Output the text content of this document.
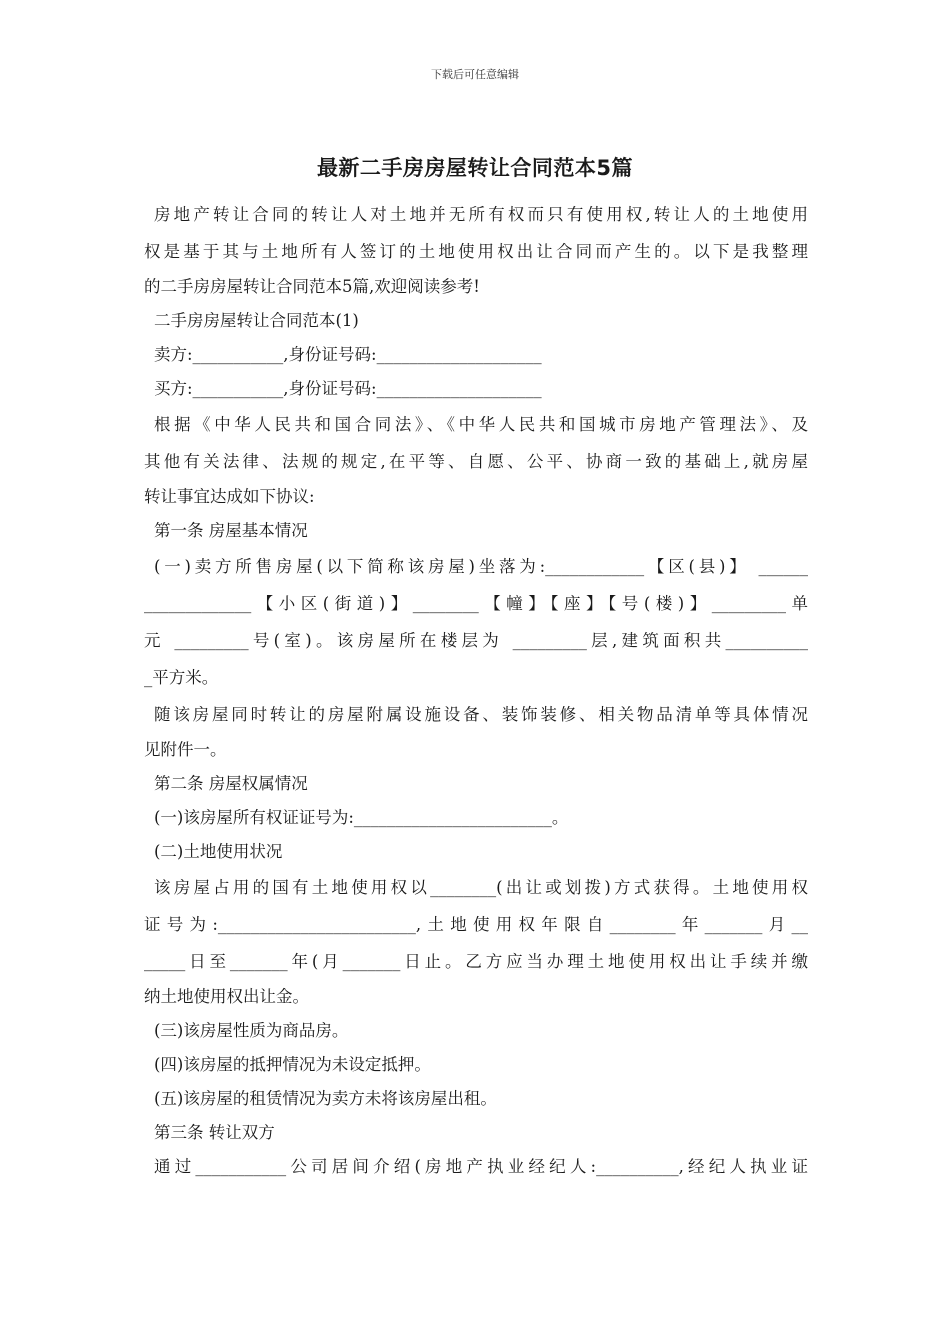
下载后可任意编辑
最新二手房房屋转让合同范本5篇
房地产转让合同的转让人对土地并无所有权而只有使用权,转让人的土地使用
权是基于其与土地所有人签订的土地使用权出让合同而产生的。以下是我整理
的二手房房屋转让合同范本5篇,欢迎阅读参考!
二手房房屋转让合同范本(1)
卖方:___________,身份证号码:____________________
买方:___________,身份证号码:____________________
根据《中华人民共和国合同法》、《中华人民共和国城市房地产管理法》、及
其他有关法律、法规的规定,在平等、自愿、公平、协商一致的基础上,就房屋
转让事宜达成如下协议:
第一条 房屋基本情况
(一)卖方所售房屋(以下简称该房屋)坐落为:____________【区(县)】 ______
_____________【小区(街道)】________【幢】【座】【号(楼)】_________单
元 _________号(室)。该房屋所在楼层为 _________层,建筑面积共__________
_平方米。
随该房屋同时转让的房屋附属设施设备、装饰装修、相关物品清单等具体情况
见附件一。
第二条 房屋权属情况
(一)该房屋所有权证证号为:________________________。
(二)土地使用状况
该房屋占用的国有土地使用权以________(出让或划拨)方式获得。土地使用权
证号为:________________________,土地使用权年限自________年_______月__
_____日至_______年(月_______日止。乙方应当办理土地使用权出让手续并缴
纳土地使用权出让金。
(三)该房屋性质为商品房。
(四)该房屋的抵押情况为未设定抵押。
(五)该房屋的租赁情况为卖方未将该房屋出租。
第三条 转让双方
通过___________公司居间介绍(房地产执业经纪人:__________,经纪人执业证
